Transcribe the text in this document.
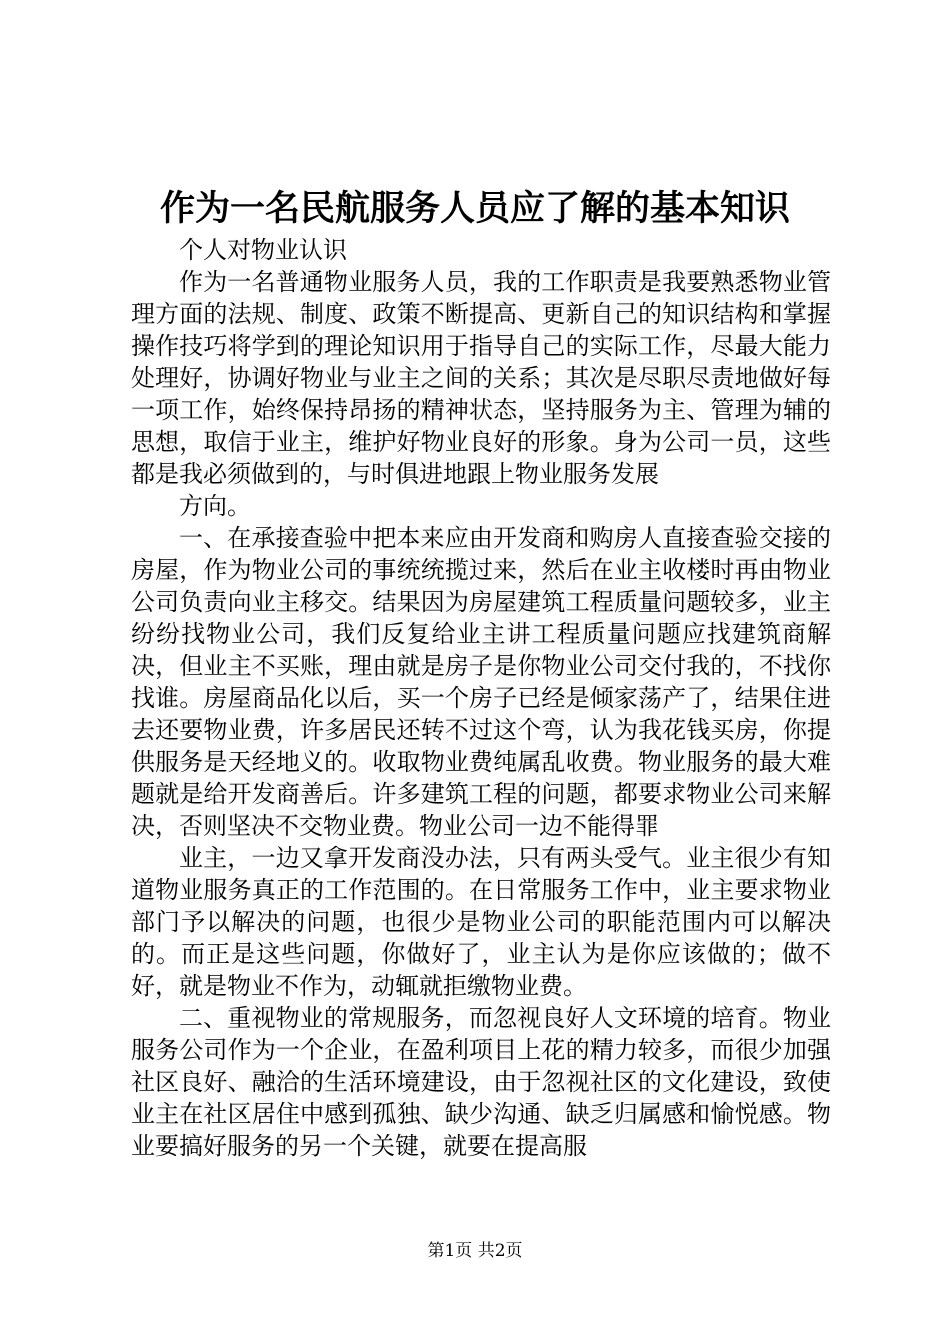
作为一名民航服务人员应了解的基本知识

个人对物业认识

作为一名普通物业服务人员，我的工作职责是我要熟悉物业管理方面的法规、制度、政策不断提高、更新自己的知识结构和掌握操作技巧将学到的理论知识用于指导自己的实际工作，尽最大能力处理好，协调好物业与业主之间的关系；其次是尽职尽责地做好每一项工作，始终保持昂扬的精神状态，坚持服务为主、管理为辅的思想，取信于业主，维护好物业良好的形象。身为公司一员，这些都是我必须做到的，与时俱进地跟上物业服务发展

方向。

一、在承接查验中把本来应由开发商和购房人直接查验交接的房屋，作为物业公司的事统统揽过来，然后在业主收楼时再由物业公司负责向业主移交。结果因为房屋建筑工程质量问题较多，业主纷纷找物业公司，我们反复给业主讲工程质量问题应找建筑商解决，但业主不买账，理由就是房子是你物业公司交付我的，不找你找谁。房屋商品化以后，买一个房子已经是倾家荡产了，结果住进去还要物业费，许多居民还转不过这个弯，认为我花钱买房，你提供服务是天经地义的。收取物业费纯属乱收费。物业服务的最大难题就是给开发商善后。许多建筑工程的问题，都要求物业公司来解决，否则坚决不交物业费。物业公司一边不能得罪

业主，一边又拿开发商没办法，只有两头受气。业主很少有知道物业服务真正的工作范围的。在日常服务工作中，业主要求物业部门予以解决的问题，也很少是物业公司的职能范围内可以解决的。而正是这些问题，你做好了，业主认为是你应该做的；做不好，就是物业不作为，动辄就拒缴物业费。

二、重视物业的常规服务，而忽视良好人文环境的培育。物业服务公司作为一个企业，在盈利项目上花的精力较多，而很少加强社区良好、融洽的生活环境建设，由于忽视社区的文化建设，致使业主在社区居住中感到孤独、缺少沟通、缺乏归属感和愉悦感。物业要搞好服务的另一个关键，就要在提高服

第1页 共2页
